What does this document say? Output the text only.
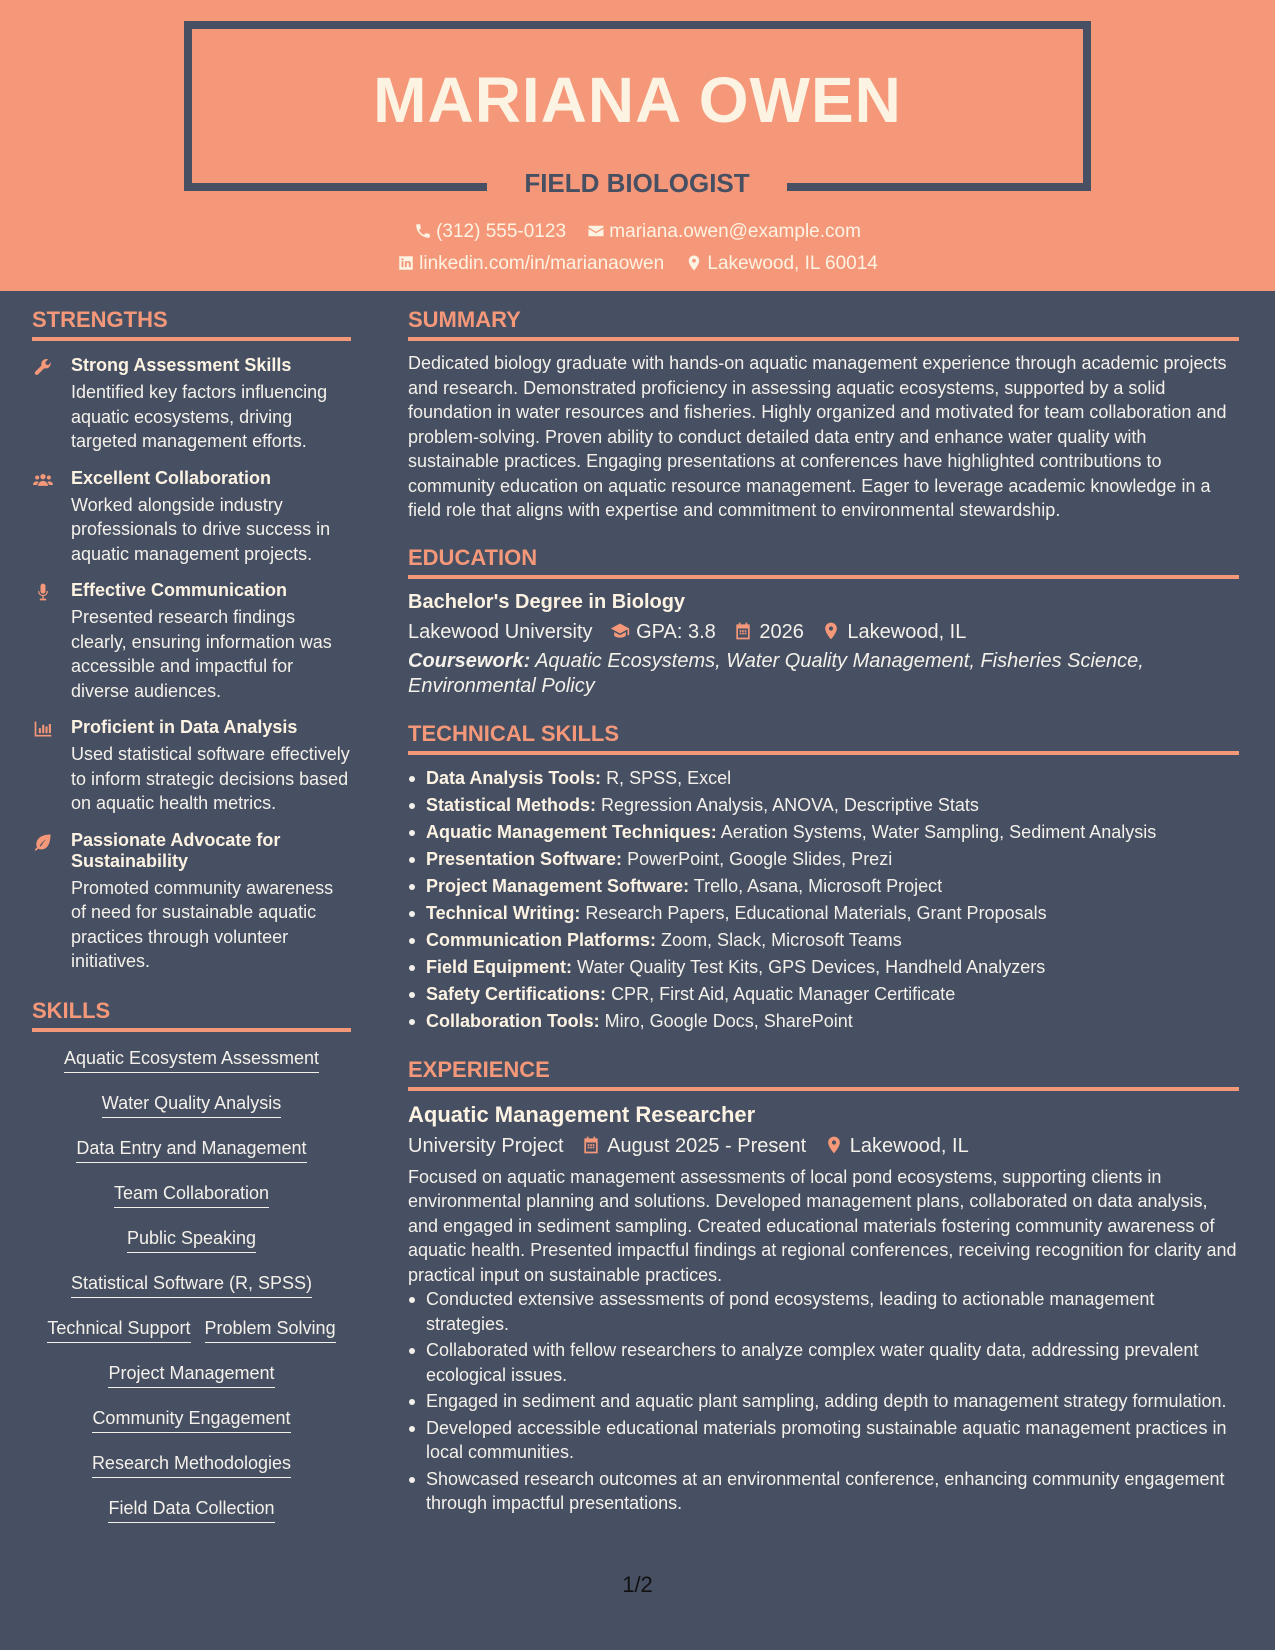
MARIANA OWEN
FIELD BIOLOGIST
(312) 555-0123 mariana.owen@example.com
linkedin.com/in/marianaowen Lakewood, IL 60014
STRENGTHS
Strong Assessment Skills
Identified key factors influencing aquatic ecosystems, driving targeted management efforts.
Excellent Collaboration
Worked alongside industry professionals to drive success in aquatic management projects.
Effective Communication
Presented research findings clearly, ensuring information was accessible and impactful for diverse audiences.
Proficient in Data Analysis
Used statistical software effectively to inform strategic decisions based on aquatic health metrics.
Passionate Advocate for Sustainability
Promoted community awareness of need for sustainable aquatic practices through volunteer initiatives.
SKILLS
Aquatic Ecosystem Assessment
Water Quality Analysis
Data Entry and Management
Team Collaboration
Public Speaking
Statistical Software (R, SPSS)
Technical Support Problem Solving
Project Management
Community Engagement
Research Methodologies
Field Data Collection
SUMMARY
Dedicated biology graduate with hands-on aquatic management experience through academic projects and research. Demonstrated proficiency in assessing aquatic ecosystems, supported by a solid foundation in water resources and fisheries. Highly organized and motivated for team collaboration and problem-solving. Proven ability to conduct detailed data entry and enhance water quality with sustainable practices. Engaging presentations at conferences have highlighted contributions to community education on aquatic resource management. Eager to leverage academic knowledge in a field role that aligns with expertise and commitment to environmental stewardship.
EDUCATION
Bachelor's Degree in Biology
Lakewood University GPA: 3.8 2026 Lakewood, IL
Coursework: Aquatic Ecosystems, Water Quality Management, Fisheries Science, Environmental Policy
TECHNICAL SKILLS
Data Analysis Tools: R, SPSS, Excel
Statistical Methods: Regression Analysis, ANOVA, Descriptive Stats
Aquatic Management Techniques: Aeration Systems, Water Sampling, Sediment Analysis
Presentation Software: PowerPoint, Google Slides, Prezi
Project Management Software: Trello, Asana, Microsoft Project
Technical Writing: Research Papers, Educational Materials, Grant Proposals
Communication Platforms: Zoom, Slack, Microsoft Teams
Field Equipment: Water Quality Test Kits, GPS Devices, Handheld Analyzers
Safety Certifications: CPR, First Aid, Aquatic Manager Certificate
Collaboration Tools: Miro, Google Docs, SharePoint
EXPERIENCE
Aquatic Management Researcher
University Project August 2025 - Present Lakewood, IL
Focused on aquatic management assessments of local pond ecosystems, supporting clients in environmental planning and solutions. Developed management plans, collaborated on data analysis, and engaged in sediment sampling. Created educational materials fostering community awareness of aquatic health. Presented impactful findings at regional conferences, receiving recognition for clarity and practical input on sustainable practices.
Conducted extensive assessments of pond ecosystems, leading to actionable management strategies.
Collaborated with fellow researchers to analyze complex water quality data, addressing prevalent ecological issues.
Engaged in sediment and aquatic plant sampling, adding depth to management strategy formulation.
Developed accessible educational materials promoting sustainable aquatic management practices in local communities.
Showcased research outcomes at an environmental conference, enhancing community engagement through impactful presentations.
1/2
